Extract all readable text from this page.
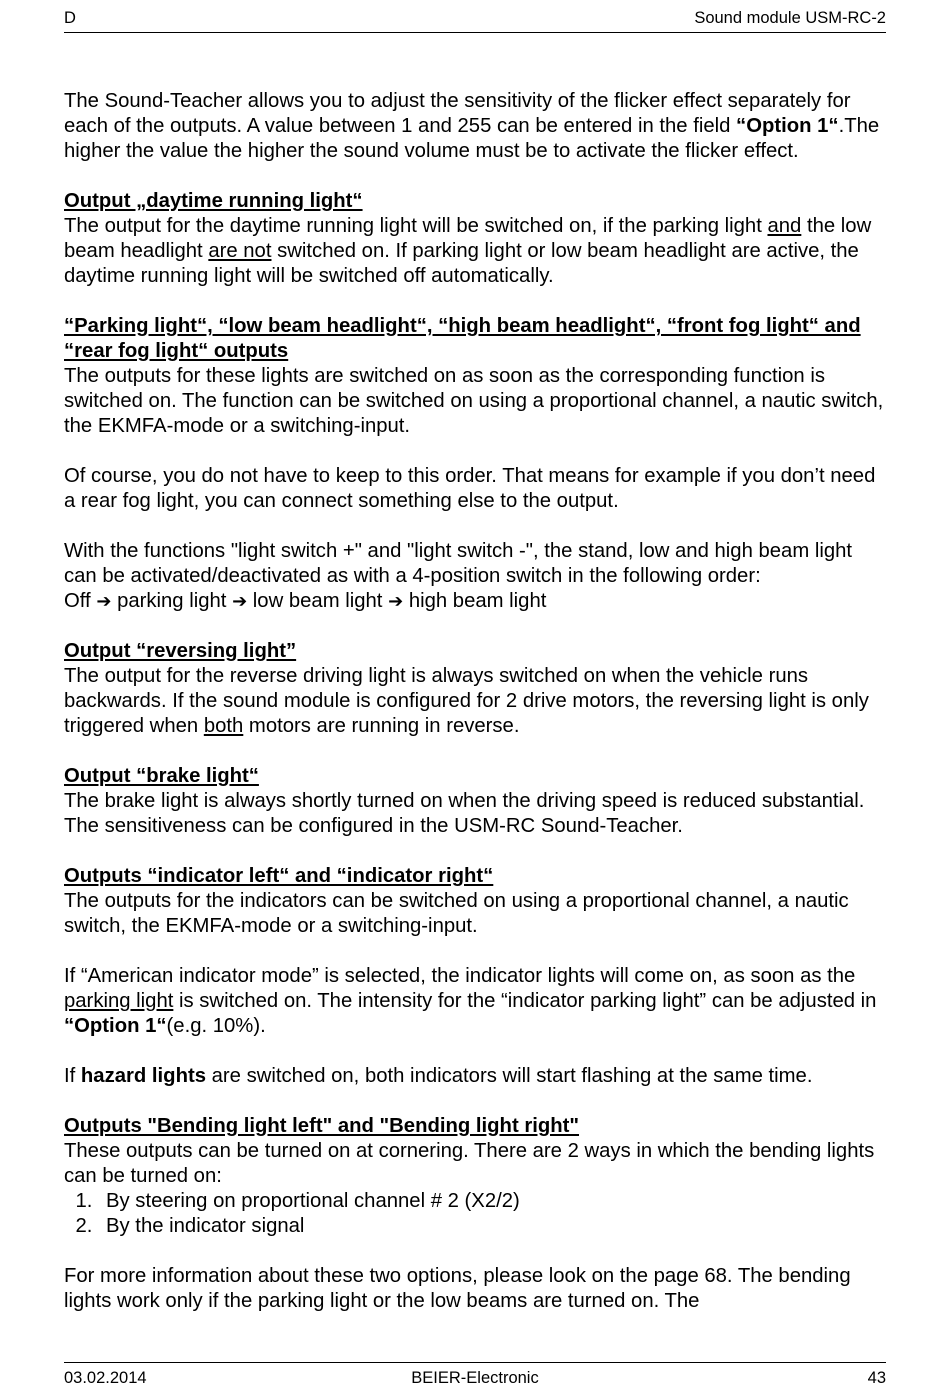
D	Sound module USM-RC-2

The Sound-Teacher allows you to adjust the sensitivity of the flicker effect separately for each of the outputs. A value between 1 and 255 can be entered in the field “Option 1“.The higher the value the higher the sound volume must be to activate the flicker effect.

Output „daytime running light“
The output for the daytime running light will be switched on, if the parking light and the low beam headlight are not switched on. If parking light or low beam headlight are active, the daytime running light will be switched off automatically.

“Parking light“, “low beam headlight“, “high beam headlight“, “front fog light“ and “rear fog light“ outputs
The outputs for these lights are switched on as soon as the corresponding function is switched on. The function can be switched on using a proportional channel, a nautic switch, the EKMFA-mode or a switching-input.

Of course, you do not have to keep to this order. That means for example if you don’t need a rear fog light, you can connect something else to the output.

With the functions "light switch +" and "light switch -", the stand, low and high beam light can be activated/deactivated as with a 4-position switch in the following order:
Off ➔ parking light ➔ low beam light ➔ high beam light

Output “reversing light”
The output for the reverse driving light is always switched on when the vehicle runs backwards. If the sound module is configured for 2 drive motors, the reversing light is only triggered when both motors are running in reverse.

Output “brake light“
The brake light is always shortly turned on when the driving speed is reduced substantial. The sensitiveness can be configured in the USM-RC Sound-Teacher.

Outputs “indicator left“ and “indicator right“
The outputs for the indicators can be switched on using a proportional channel, a nautic switch, the EKMFA-mode or a switching-input.

If “American indicator mode” is selected, the indicator lights will come on, as soon as the parking light is switched on. The intensity for the “indicator parking light” can be adjusted in “Option 1“(e.g. 10%).

If hazard lights are switched on, both indicators will start flashing at the same time.

Outputs "Bending light left" and "Bending light right"
These outputs can be turned on at cornering. There are 2 ways in which the bending lights can be turned on:

1. By steering on proportional channel # 2 (X2/2)
2. By the indicator signal

For more information about these two options, please look on the page 68. The bending lights work only if the parking light or the low beams are turned on. The

03.02.2014	BEIER-Electronic	43
